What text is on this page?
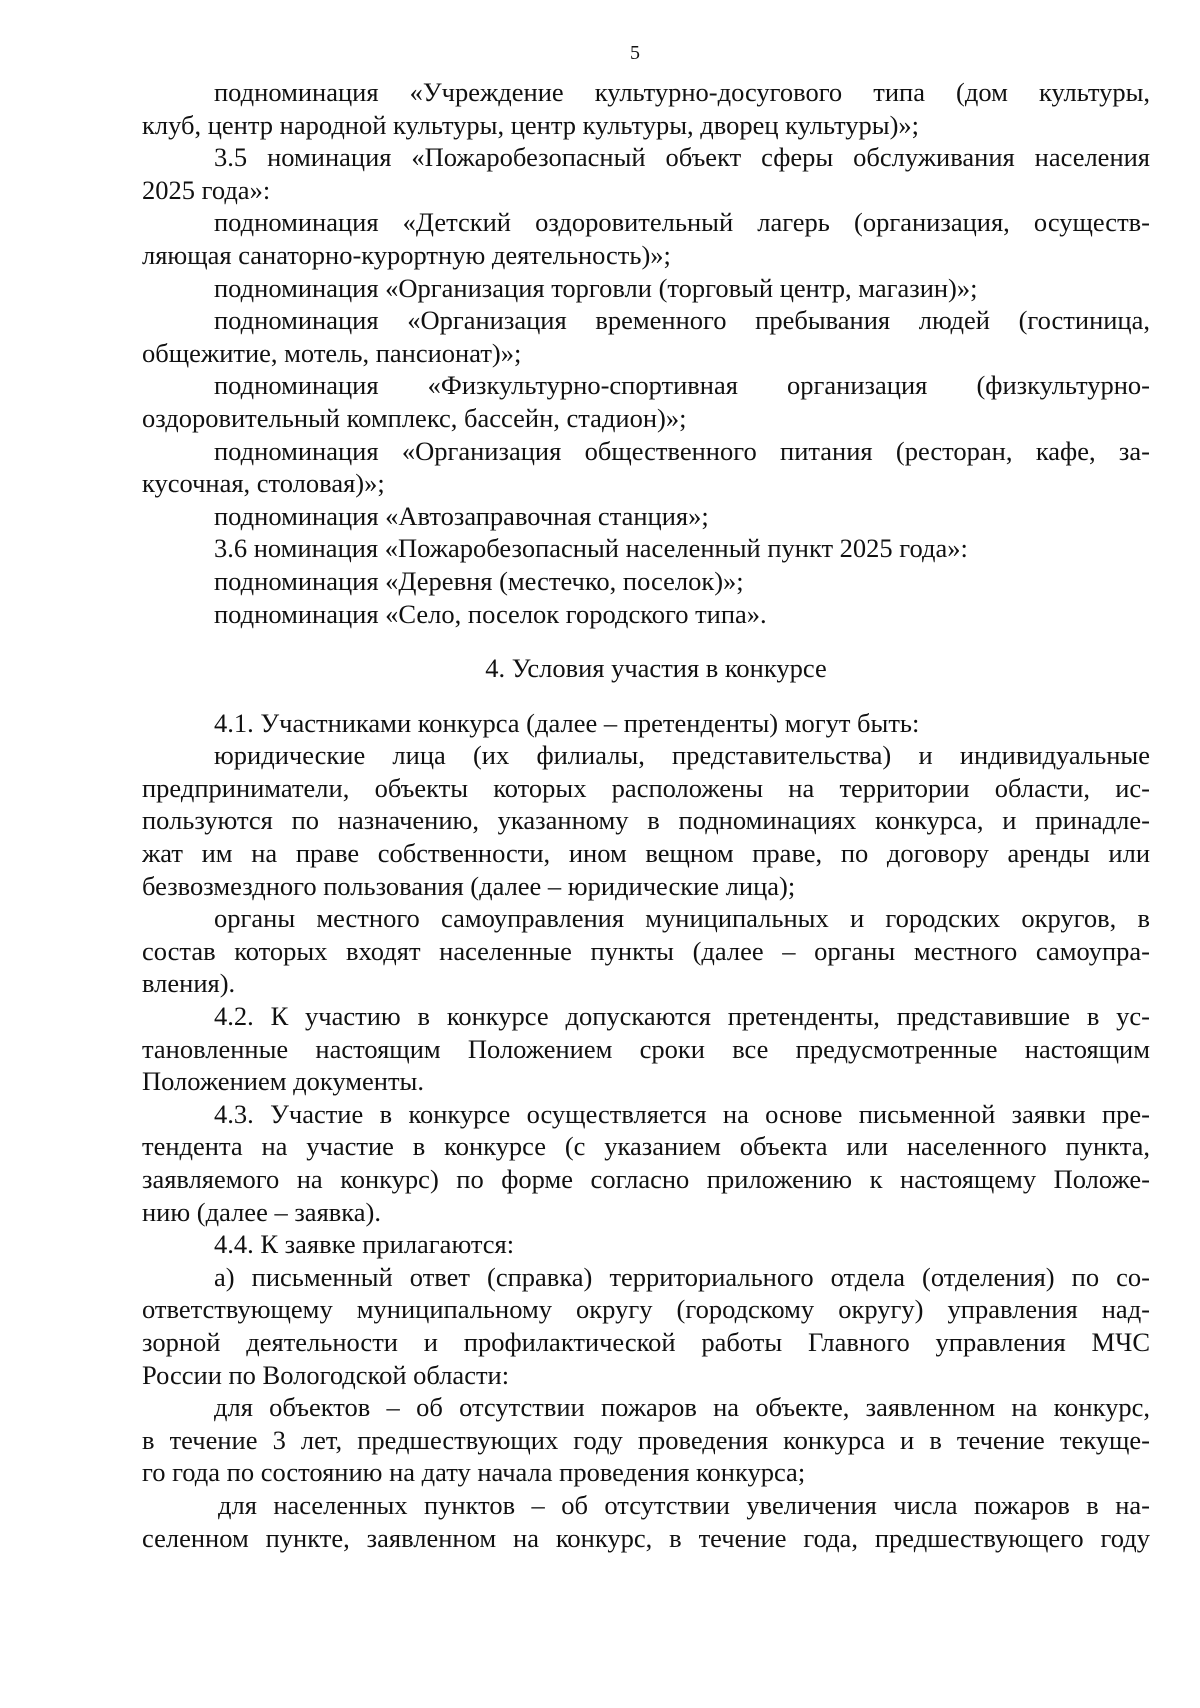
5
подноминация «Учреждение культурно-досугового типа (дом культуры,
клуб, центр народной культуры, центр культуры, дворец культуры)»;
3.5 номинация «Пожаробезопасный объект сферы обслуживания населения
2025 года»:
подноминация «Детский оздоровительный лагерь (организация, осуществ-
ляющая санаторно-курортную деятельность)»;
подноминация «Организация торговли (торговый центр, магазин)»;
подноминация «Организация временного пребывания людей (гостиница,
общежитие, мотель, пансионат)»;
подноминация «Физкультурно-спортивная организация (физкультурно-
оздоровительный комплекс, бассейн, стадион)»;
подноминация «Организация общественного питания (ресторан, кафе, за-
кусочная, столовая)»;
подноминация «Автозаправочная станция»;
3.6 номинация «Пожаробезопасный населенный пункт 2025 года»:
подноминация «Деревня (местечко, поселок)»;
подноминация «Село, поселок городского типа».
4. Условия участия в конкурсе
4.1. Участниками конкурса (далее – претенденты) могут быть:
юридические лица (их филиалы, представительства) и индивидуальные
предприниматели, объекты которых расположены на территории области, ис-
пользуются по назначению, указанному в подноминациях конкурса, и принадле-
жат им на праве собственности, ином вещном праве, по договору аренды или
безвозмездного пользования (далее – юридические лица);
органы местного самоуправления муниципальных и городских округов, в
состав которых входят населенные пункты (далее – органы местного самоупра-
вления).
4.2. К участию в конкурсе допускаются претенденты, представившие в ус-
тановленные настоящим Положением сроки все предусмотренные настоящим
Положением документы.
4.3. Участие в конкурсе осуществляется на основе письменной заявки пре-
тендента на участие в конкурсе (с указанием объекта или населенного пункта,
заявляемого на конкурс) по форме согласно приложению к настоящему Положе-
нию (далее – заявка).
4.4. К заявке прилагаются:
а) письменный ответ (справка) территориального отдела (отделения) по со-
ответствующему муниципальному округу (городскому округу) управления над-
зорной деятельности и профилактической работы Главного управления МЧС
России по Вологодской области:
для объектов – об отсутствии пожаров на объекте, заявленном на конкурс,
в течение 3 лет, предшествующих году проведения конкурса и в течение текуще-
го года по состоянию на дату начала проведения конкурса;
для населенных пунктов – об отсутствии увеличения числа пожаров в на-
селенном пункте, заявленном на конкурс, в течение года, предшествующего году
